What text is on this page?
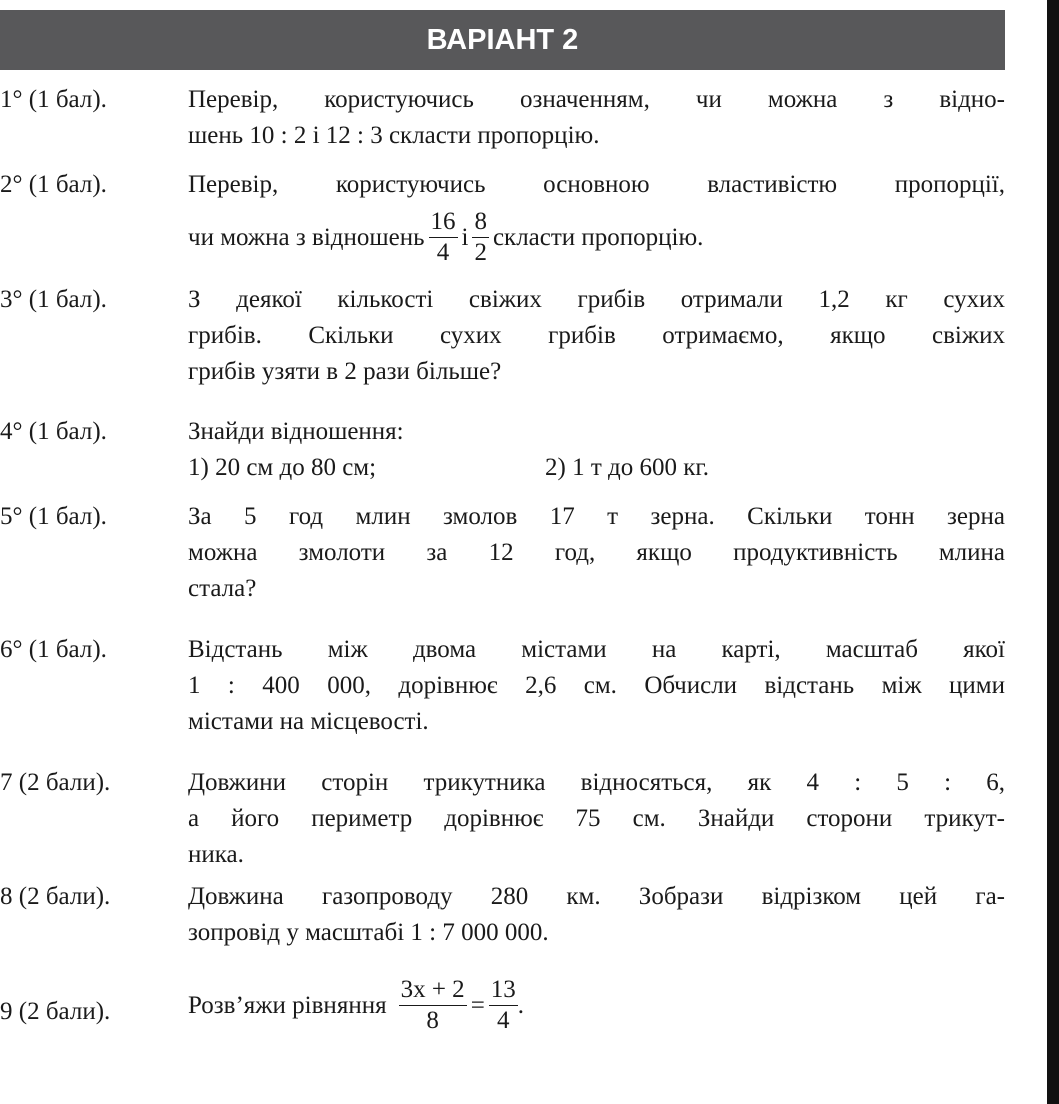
ВАРІАНТ 2
1° (1 бал).	Перевір, користуючись означенням, чи можна з відно-
шень 10 : 2 і 12 : 3 скласти пропорцію.
2° (1 бал).	Перевір, користуючись основною властивістю пропорції,
чи можна з відношень $\frac{16}{4}$ і $\frac{8}{2}$ скласти пропорцію.
3° (1 бал).	З деякої кількості свіжих грибів отримали 1,2 кг сухих
грибів. Скільки сухих грибів отримаємо, якщо свіжих
грибів узяти в 2 рази більше?
4° (1 бал).	Знайди відношення:
1) 20 см до 80 см;	2) 1 т до 600 кг.
5° (1 бал).	За 5 год млин змолов 17 т зерна. Скільки тонн зерна
можна змолоти за 12 год, якщо продуктивність млина
стала?
6° (1 бал).	Відстань між двома містами на карті, масштаб якої
1 : 400 000, дорівнює 2,6 см. Обчисли відстань між цими
містами на місцевості.
7 (2 бали).	Довжини сторін трикутника відносяться, як 4 : 5 : 6,
а його периметр дорівнює 75 см. Знайди сторони трикут-
ника.
8 (2 бали).	Довжина газопроводу 280 км. Зобрази відрізком цей га-
зопровід у масштабі 1 : 7 000 000.
9 (2 бали).	Розв’яжи рівняння $\frac{3x + 2}{8} = \frac{13}{4}$ .
